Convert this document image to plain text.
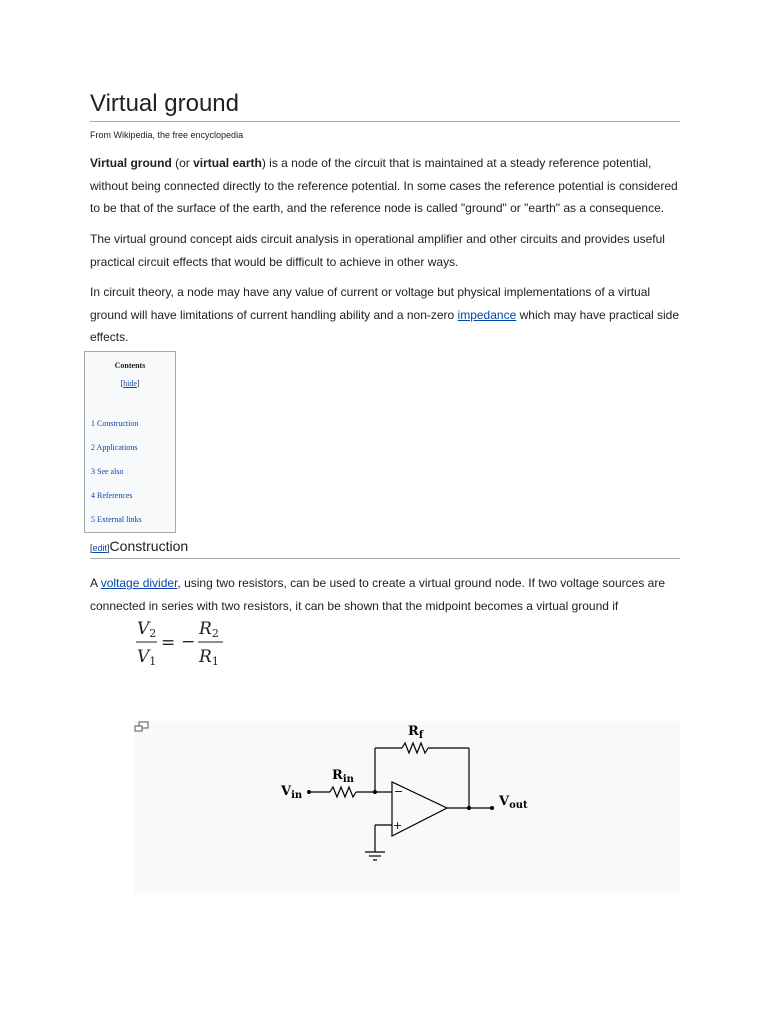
Virtual ground
From Wikipedia, the free encyclopedia

Virtual ground (or virtual earth) is a node of the circuit that is maintained at a steady reference potential, without being connected directly to the reference potential. In some cases the reference potential is considered to be that of the surface of the earth, and the reference node is called "ground" or "earth" as a consequence.

The virtual ground concept aids circuit analysis in operational amplifier and other circuits and provides useful practical circuit effects that would be difficult to achieve in other ways.

In circuit theory, a node may have any value of current or voltage but physical implementations of a virtual ground will have limitations of current handling ability and a non-zero impedance which may have practical side effects.

Contents
[hide]
1 Construction
2 Applications
3 See also
4 References
5 External links
[edit]Construction

A voltage divider, using two resistors, can be used to create a virtual ground node. If two voltage sources are connected in series with two resistors, it can be shown that the midpoint becomes a virtual ground if

V2
V1
= −
R2
R1
$R_f$
$R_{in}$
$V_{in}$	$V_{out}$
−
+
